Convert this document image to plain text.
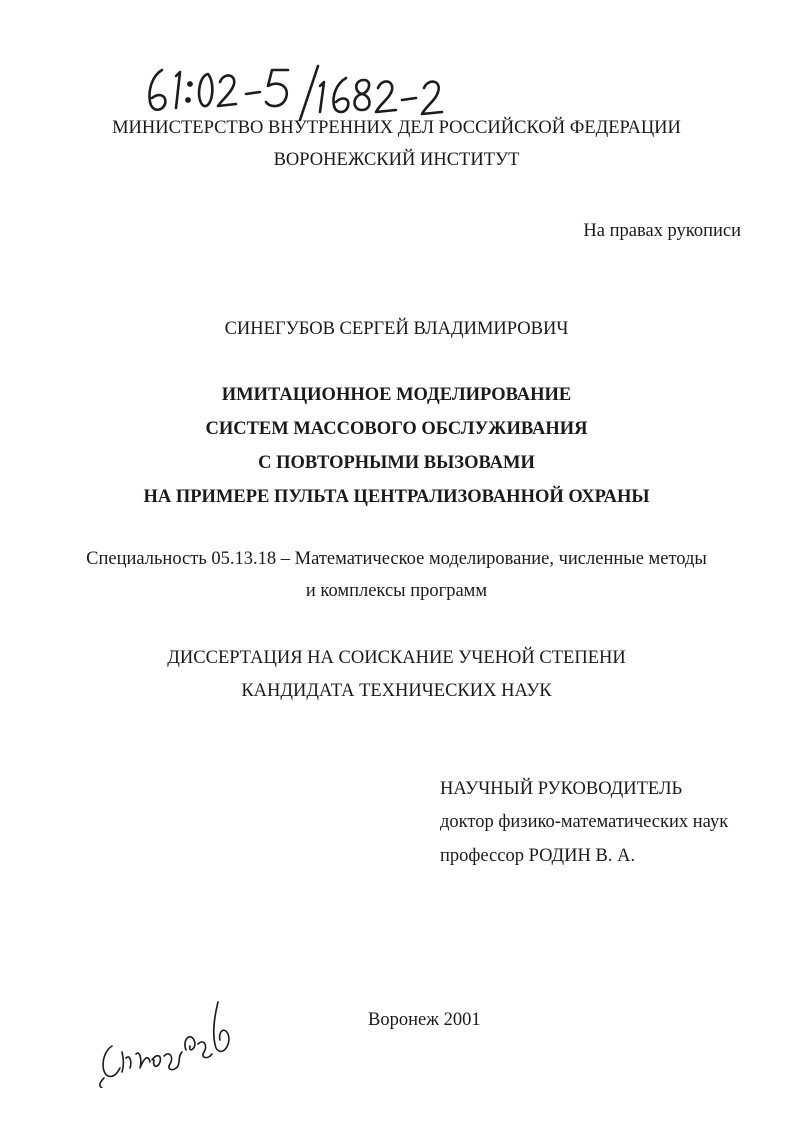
МИНИСТЕРСТВО ВНУТРЕННИХ ДЕЛ РОССИЙСКОЙ ФЕДЕРАЦИИ
ВОРОНЕЖСКИЙ ИНСТИТУТ
На правах рукописи
СИНЕГУБОВ СЕРГЕЙ ВЛАДИМИРОВИЧ
ИМИТАЦИОННОЕ МОДЕЛИРОВАНИЕ
СИСТЕМ МАССОВОГО ОБСЛУЖИВАНИЯ
С ПОВТОРНЫМИ ВЫЗОВАМИ
НА ПРИМЕРЕ ПУЛЬТА ЦЕНТРАЛИЗОВАННОЙ ОХРАНЫ
Специальность 05.13.18 – Математическое моделирование, численные методы
и комплексы программ
ДИССЕРТАЦИЯ НА СОИСКАНИЕ УЧЕНОЙ СТЕПЕНИ
КАНДИДАТА ТЕХНИЧЕСКИХ НАУК
НАУЧНЫЙ РУКОВОДИТЕЛЬ
доктор физико-математических наук
профессор РОДИН В. А.
Воронеж 2001
